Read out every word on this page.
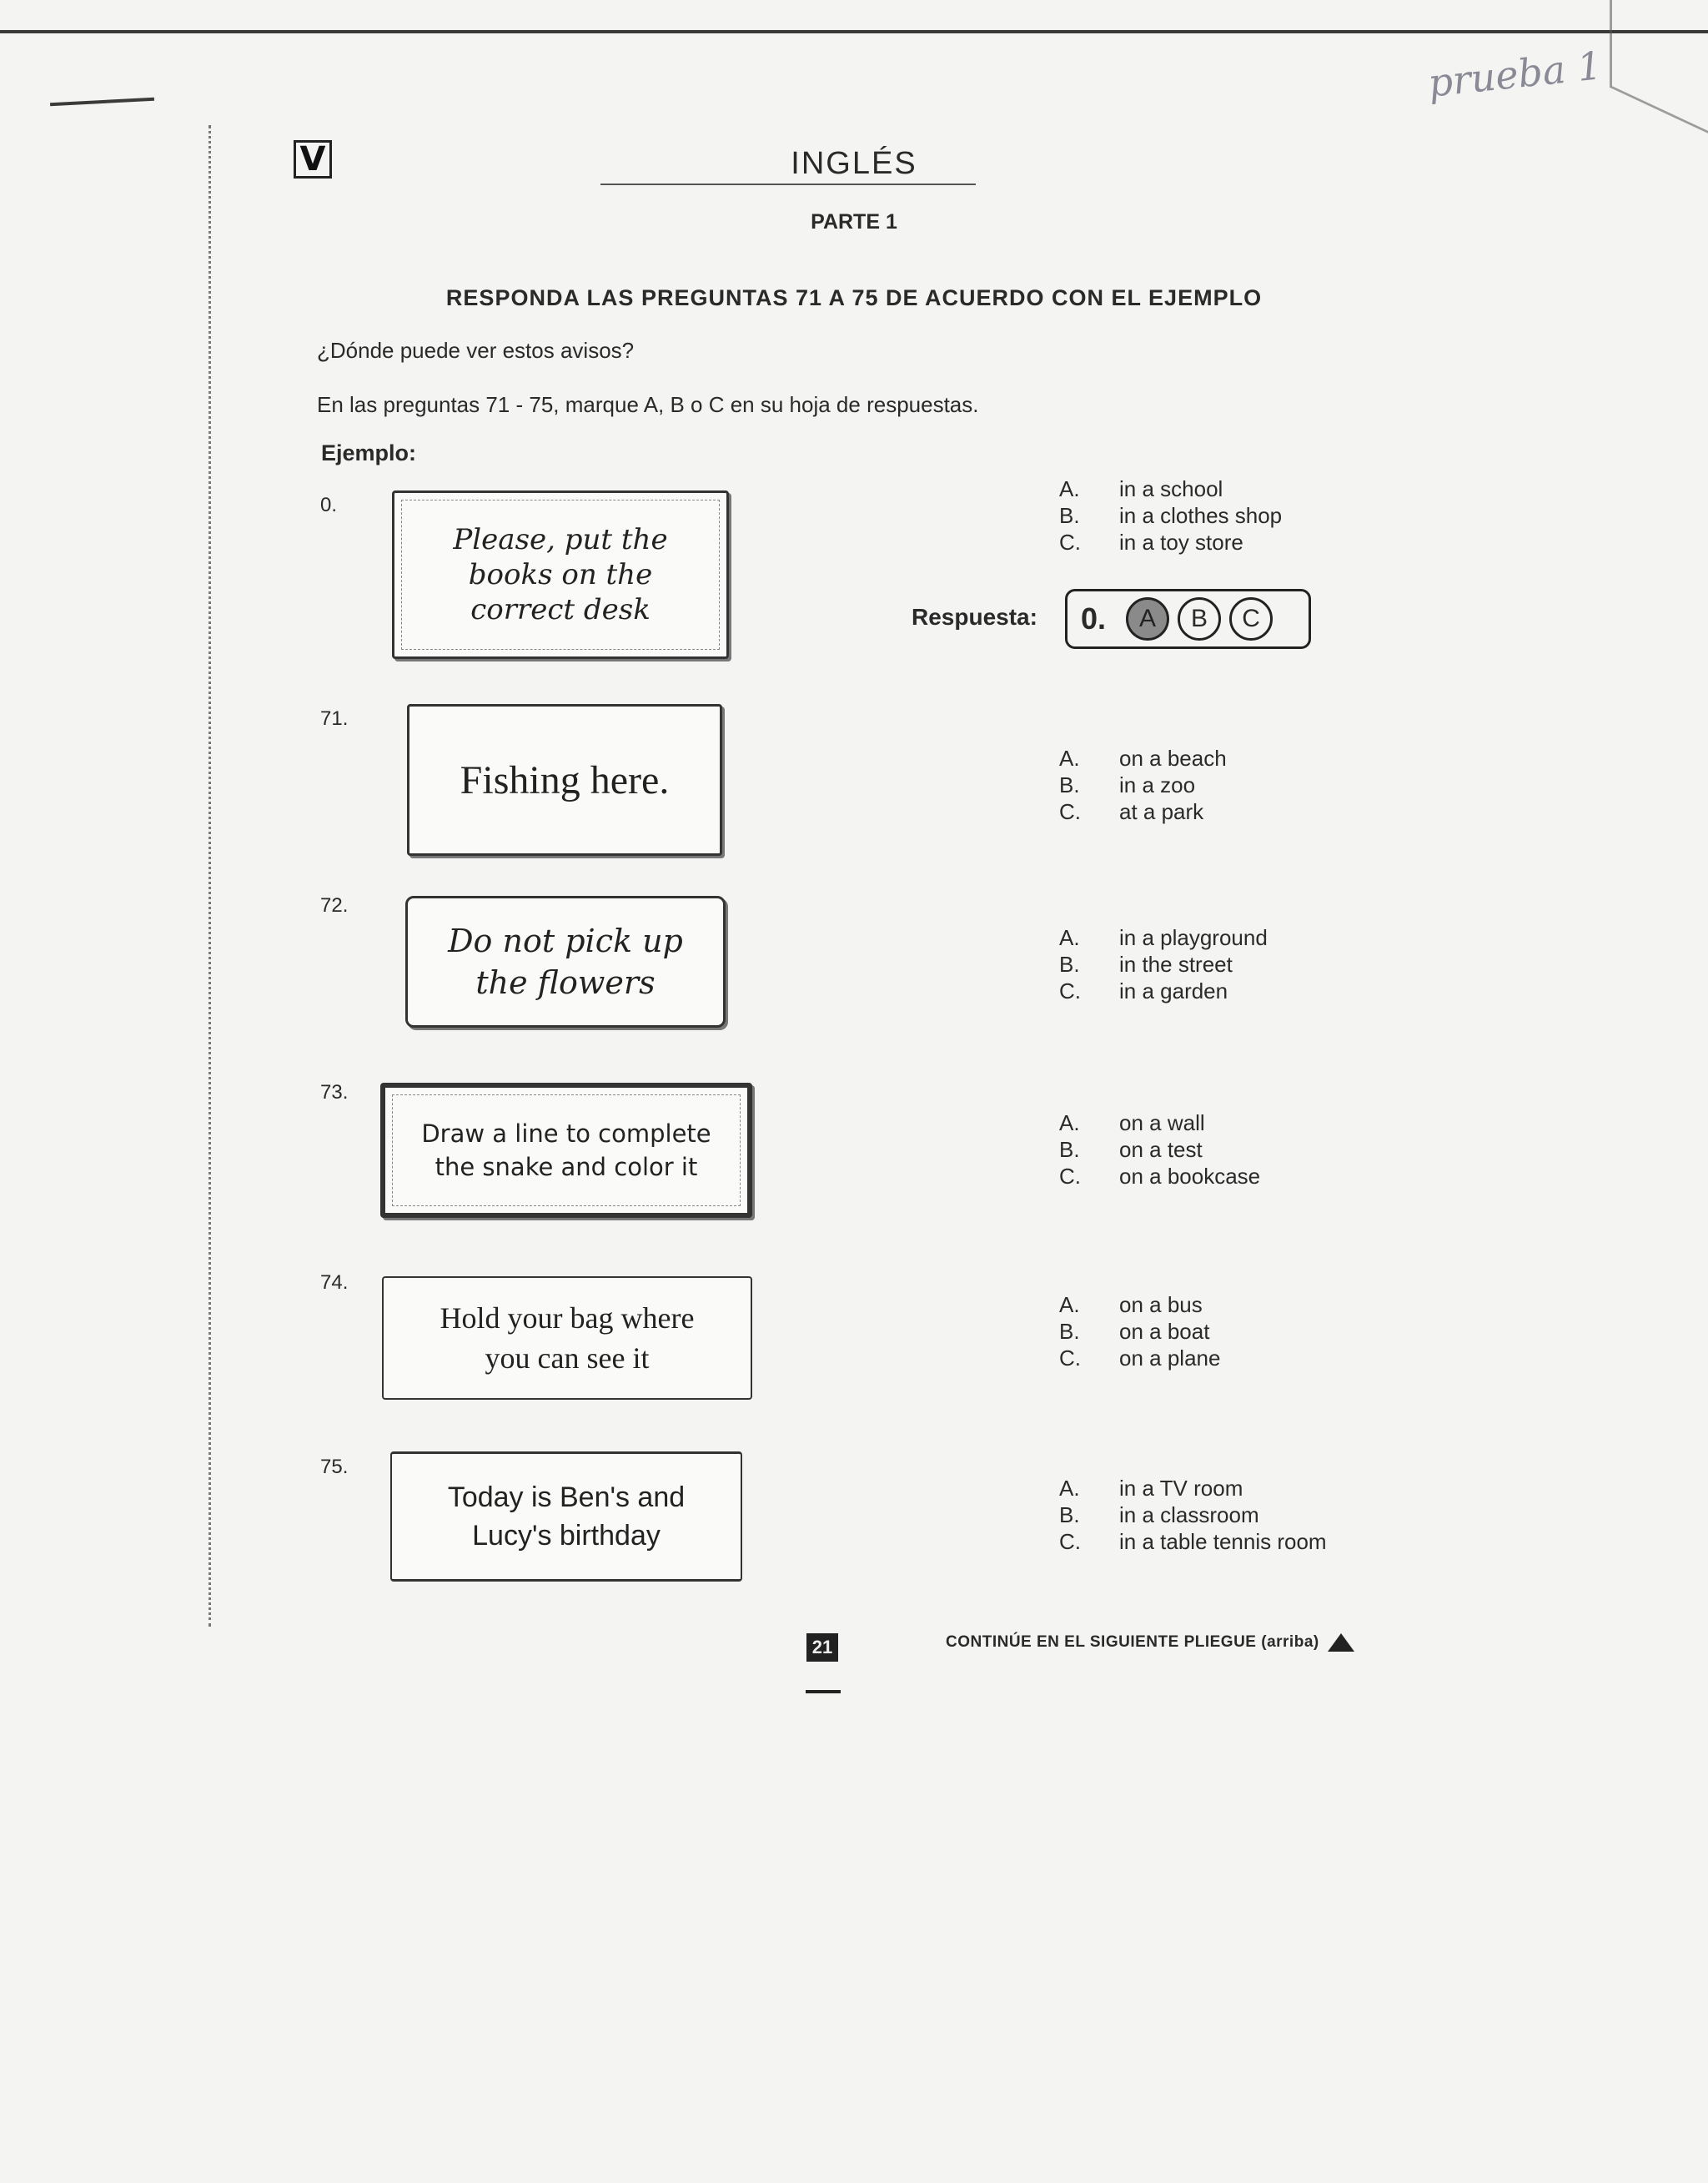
prueba 1
V	INGLÉS
PARTE 1
RESPONDA LAS PREGUNTAS 71 A 75 DE ACUERDO CON EL EJEMPLO
¿Dónde puede ver estos avisos?
En las preguntas 71 - 75, marque A, B o C en su hoja de respuestas.
Ejemplo:
0.
Please, put the
books on the
correct desk
A.	in a school
B.	in a clothes shop
C.	in a toy store
Respuesta: 0.	A	B	C
71.
Fishing here.	A.	on a beach
B.	in a zoo
C.	at a park
72.
Do not pick up
the flowers
A.	in a playground
B.	in the street
C.	in a garden
73.
Draw a line to complete
the snake and color it
A.	on a wall
B.	on a test
C.	on a bookcase
74.
Hold your bag where
you can see it
A.	on a bus
B.	on a boat
C.	on a plane
75.
Today is Ben's and
Lucy's birthday
A.	in a TV room
B.	in a classroom
C.	in a table tennis room
21	CONTINÚE EN EL SIGUIENTE PLIEGUE (arriba)
